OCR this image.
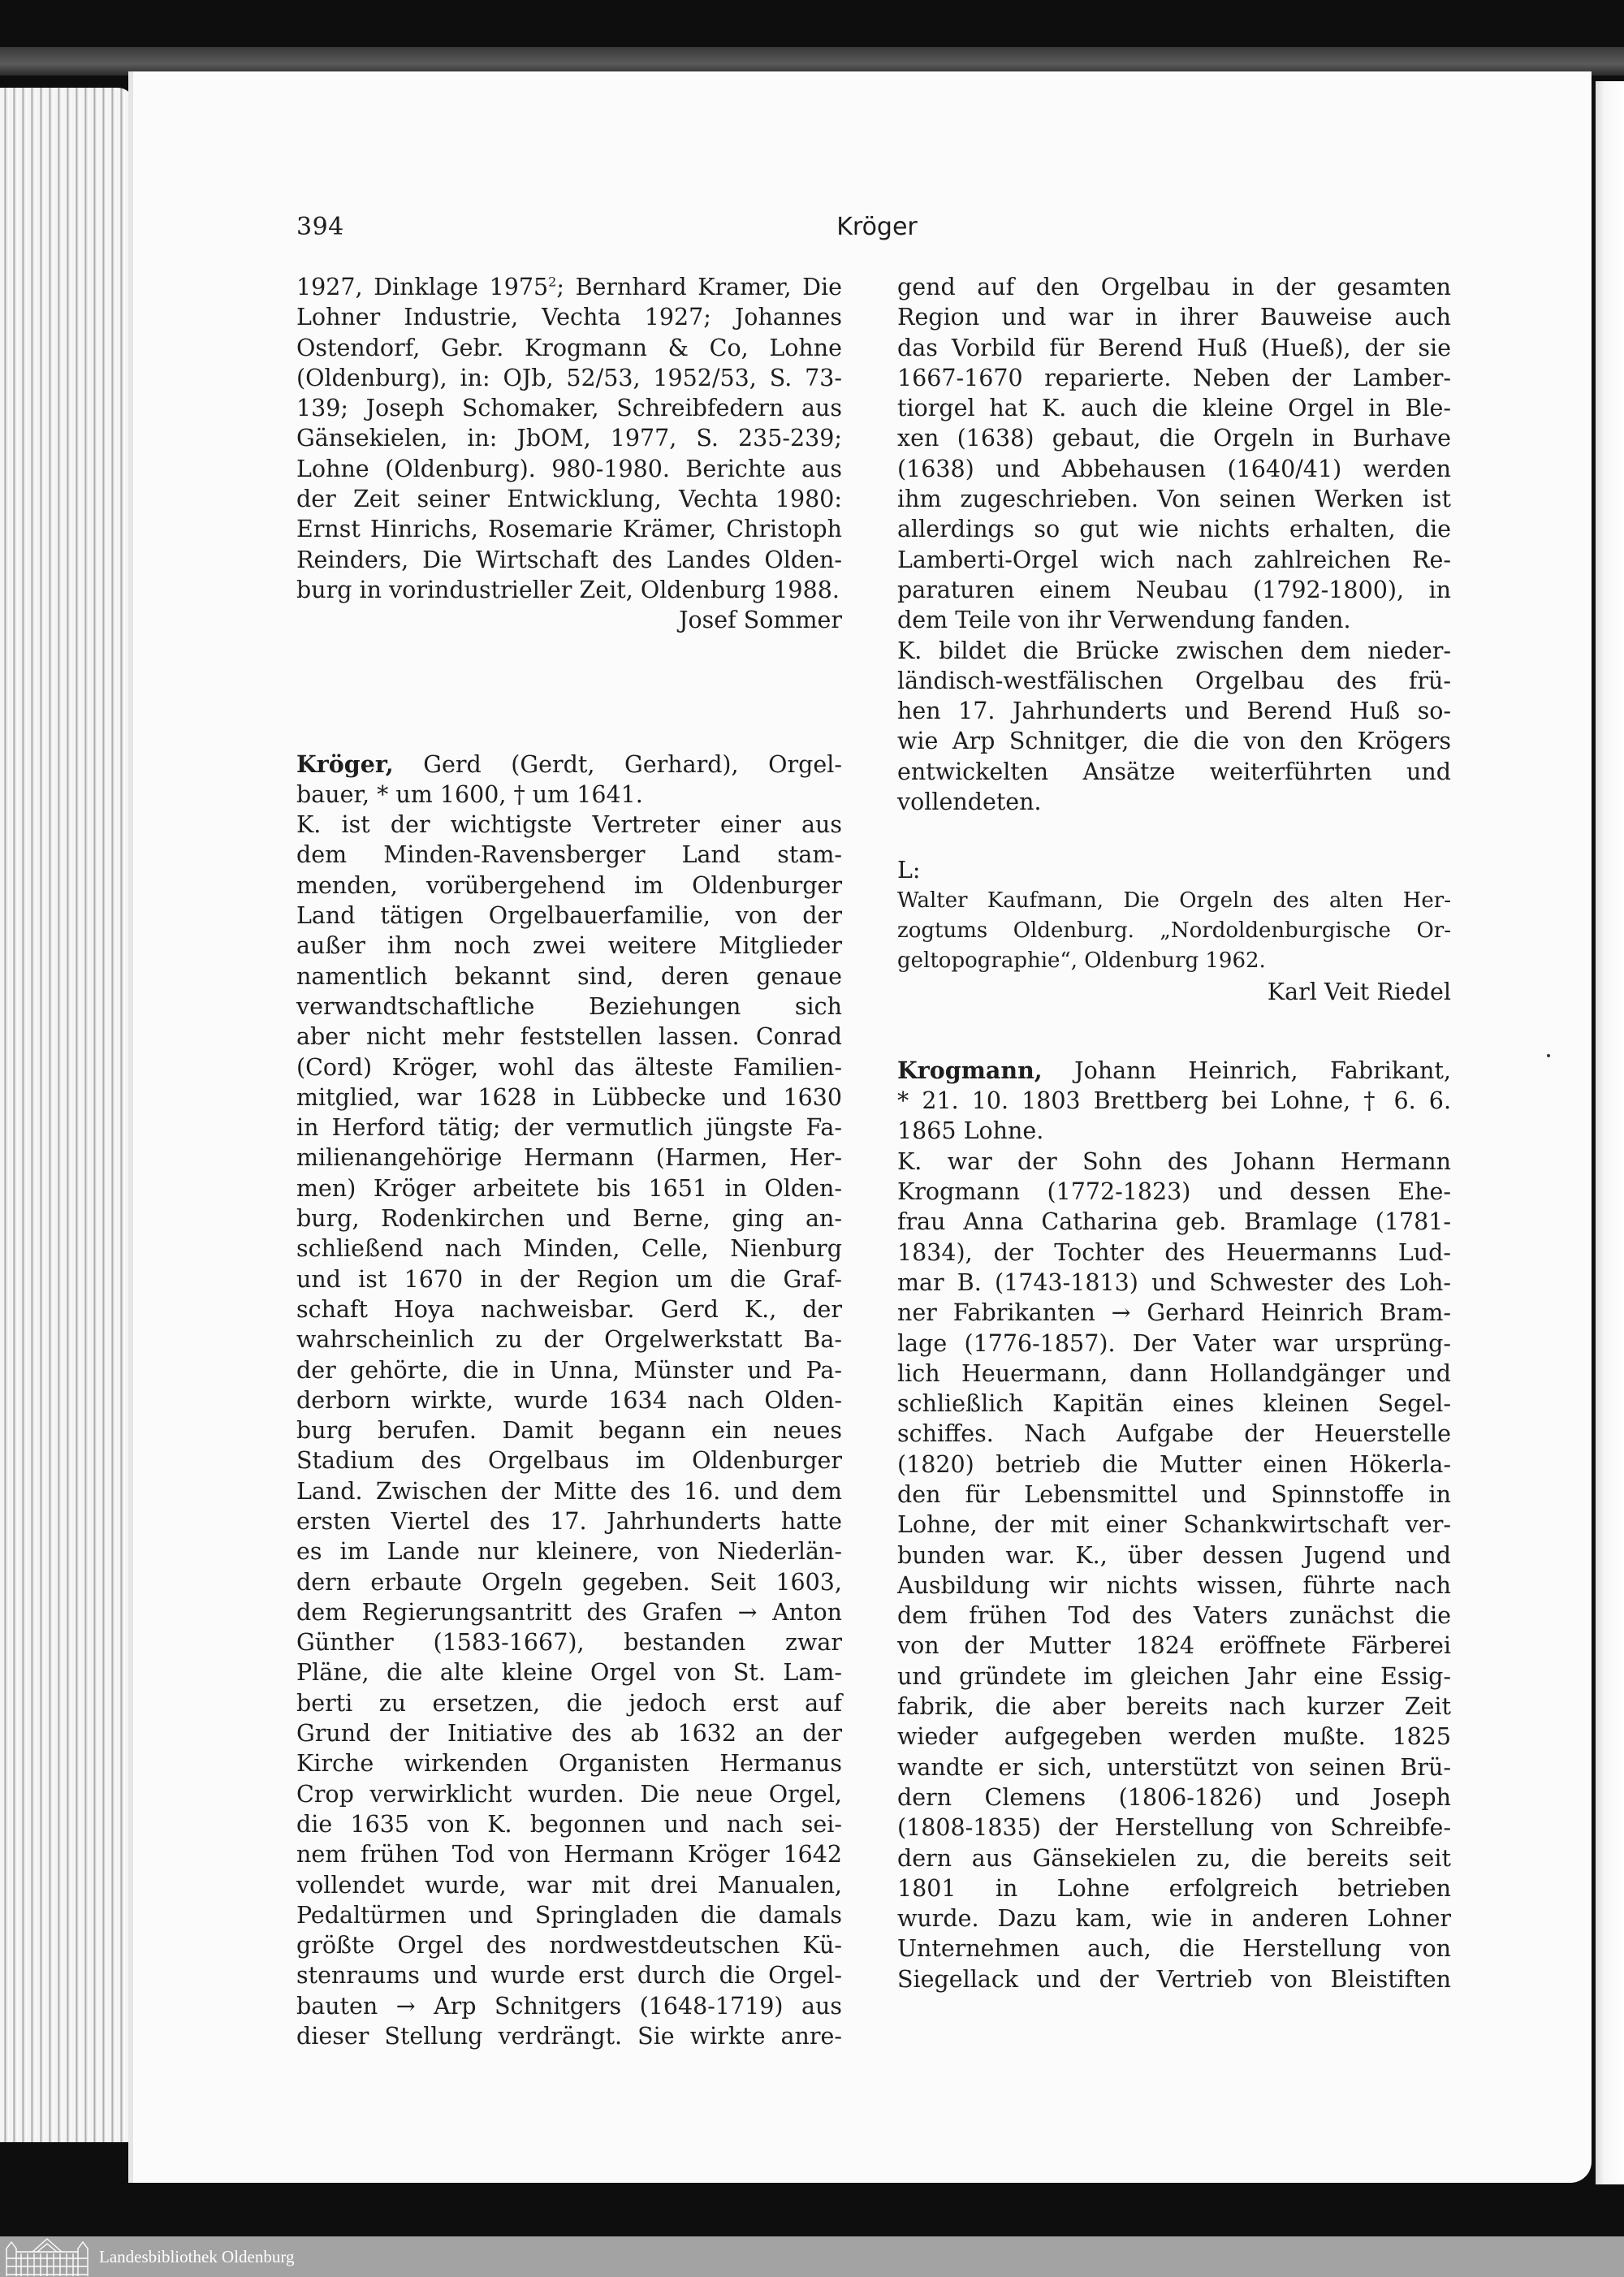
394	Kröger
1927, Dinklage 1975$^2$; Bernhard Kramer, Die
Lohner Industrie, Vechta 1927; Johannes
Ostendorf, Gebr. Krogmann & Co, Lohne
(Oldenburg), in: OJb, 52/53, 1952/53, S. 73-
139; Joseph Schomaker, Schreibfedern aus
Gänsekielen, in: JbOM, 1977, S. 235-239;
Lohne (Oldenburg). 980-1980. Berichte aus
der Zeit seiner Entwicklung, Vechta 1980:
Ernst Hinrichs, Rosemarie Krämer, Christoph
Reinders, Die Wirtschaft des Landes Olden-
burg in vorindustrieller Zeit, Oldenburg 1988.
Josef Sommer
Kröger, Gerd (Gerdt, Gerhard), Orgel-
bauer, * um 1600, † um 1641.
K. ist der wichtigste Vertreter einer aus
dem Minden-Ravensberger Land stam-
menden, vorübergehend im Oldenburger
Land tätigen Orgelbauerfamilie, von der
außer ihm noch zwei weitere Mitglieder
namentlich bekannt sind, deren genaue
verwandtschaftliche Beziehungen sich
aber nicht mehr feststellen lassen. Conrad
(Cord) Kröger, wohl das älteste Familien-
mitglied, war 1628 in Lübbecke und 1630
in Herford tätig; der vermutlich jüngste Fa-
milienangehörige Hermann (Harmen, Her-
men) Kröger arbeitete bis 1651 in Olden-
burg, Rodenkirchen und Berne, ging an-
schließend nach Minden, Celle, Nienburg
und ist 1670 in der Region um die Graf-
schaft Hoya nachweisbar. Gerd K., der
wahrscheinlich zu der Orgelwerkstatt Ba-
der gehörte, die in Unna, Münster und Pa-
derborn wirkte, wurde 1634 nach Olden-
burg berufen. Damit begann ein neues
Stadium des Orgelbaus im Oldenburger
Land. Zwischen der Mitte des 16. und dem
ersten Viertel des 17. Jahrhunderts hatte
es im Lande nur kleinere, von Niederlän-
dern erbaute Orgeln gegeben. Seit 1603,
dem Regierungsantritt des Grafen → Anton
Günther (1583-1667), bestanden zwar
Pläne, die alte kleine Orgel von St. Lam-
berti zu ersetzen, die jedoch erst auf
Grund der Initiative des ab 1632 an der
Kirche wirkenden Organisten Hermanus
Crop verwirklicht wurden. Die neue Orgel,
die 1635 von K. begonnen und nach sei-
nem frühen Tod von Hermann Kröger 1642
vollendet wurde, war mit drei Manualen,
Pedaltürmen und Springladen die damals
größte Orgel des nordwestdeutschen Kü-
stenraums und wurde erst durch die Orgel-
bauten → Arp Schnitgers (1648-1719) aus
dieser Stellung verdrängt. Sie wirkte anre-
gend auf den Orgelbau in der gesamten
Region und war in ihrer Bauweise auch
das Vorbild für Berend Huß (Hueß), der sie
1667-1670 reparierte. Neben der Lamber-
tiorgel hat K. auch die kleine Orgel in Ble-
xen (1638) gebaut, die Orgeln in Burhave
(1638) und Abbehausen (1640/41) werden
ihm zugeschrieben. Von seinen Werken ist
allerdings so gut wie nichts erhalten, die
Lamberti-Orgel wich nach zahlreichen Re-
paraturen einem Neubau (1792-1800), in
dem Teile von ihr Verwendung fanden.
K. bildet die Brücke zwischen dem nieder-
ländisch-westfälischen Orgelbau des frü-
hen 17. Jahrhunderts und Berend Huß so-
wie Arp Schnitger, die die von den Krögers
entwickelten Ansätze weiterführten und
vollendeten.
L:
Walter Kaufmann, Die Orgeln des alten Her-
zogtums Oldenburg. „Nordoldenburgische Or-
geltopographie“, Oldenburg 1962.
Karl Veit Riedel
Krogmann, Johann Heinrich, Fabrikant,
* 21. 10. 1803 Brettberg bei Lohne, † 6. 6.
1865 Lohne.
K. war der Sohn des Johann Hermann
Krogmann (1772-1823) und dessen Ehe-
frau Anna Catharina geb. Bramlage (1781-
1834), der Tochter des Heuermanns Lud-
mar B. (1743-1813) und Schwester des Loh-
ner Fabrikanten → Gerhard Heinrich Bram-
lage (1776-1857). Der Vater war ursprüng-
lich Heuermann, dann Hollandgänger und
schließlich Kapitän eines kleinen Segel-
schiffes. Nach Aufgabe der Heuerstelle
(1820) betrieb die Mutter einen Hökerla-
den für Lebensmittel und Spinnstoffe in
Lohne, der mit einer Schankwirtschaft ver-
bunden war. K., über dessen Jugend und
Ausbildung wir nichts wissen, führte nach
dem frühen Tod des Vaters zunächst die
von der Mutter 1824 eröffnete Färberei
und gründete im gleichen Jahr eine Essig-
fabrik, die aber bereits nach kurzer Zeit
wieder aufgegeben werden mußte. 1825
wandte er sich, unterstützt von seinen Brü-
dern Clemens (1806-1826) und Joseph
(1808-1835) der Herstellung von Schreibfe-
dern aus Gänsekielen zu, die bereits seit
1801 in Lohne erfolgreich betrieben
wurde. Dazu kam, wie in anderen Lohner
Unternehmen auch, die Herstellung von
Siegellack und der Vertrieb von Bleistiften
Landesbibliothek Oldenburg
